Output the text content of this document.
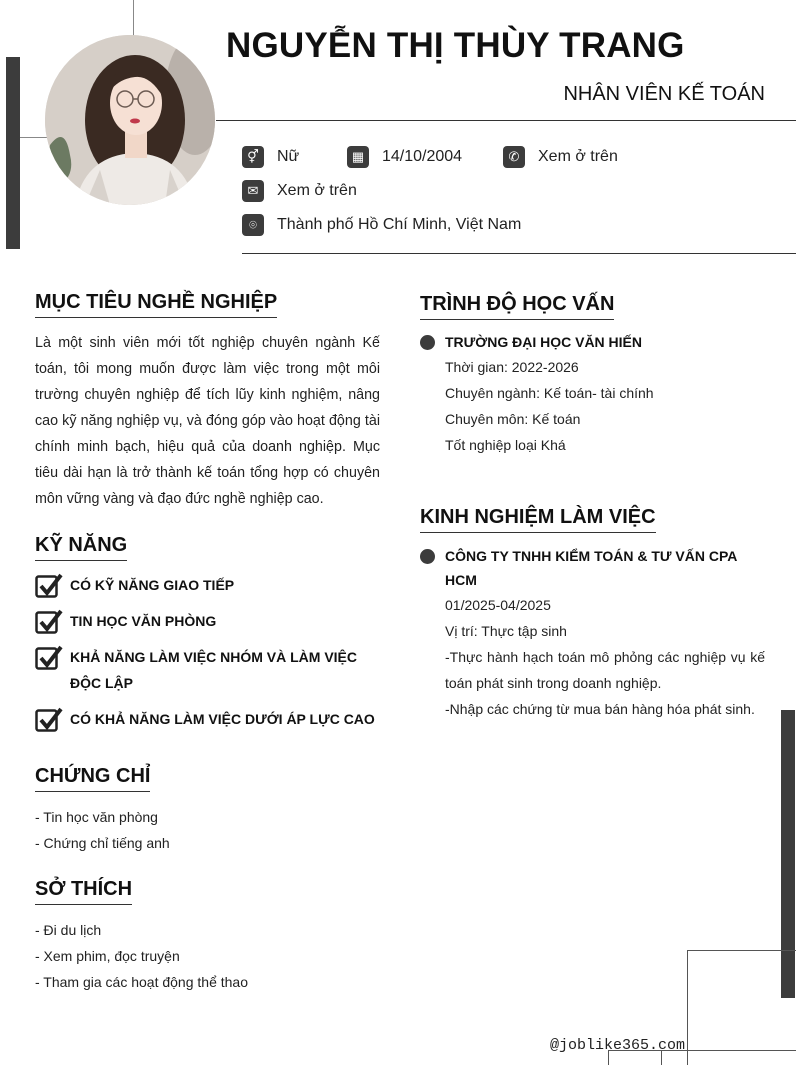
NGUYỄN THỊ THÙY TRANG
NHÂN VIÊN KẾ TOÁN
⚥	Nữ	▦	14/10/2004	✆	Xem ở trên
✉	Xem ở trên
⌾	Thành phố Hồ Chí Minh, Việt Nam
MỤC TIÊU NGHỀ NGHIỆP

Là một sinh viên mới tốt nghiệp chuyên ngành Kế toán, tôi mong muốn được làm việc trong một môi trường chuyên nghiệp để tích lũy kinh nghiệm, nâng cao kỹ năng nghiệp vụ, và đóng góp vào hoạt động tài chính minh bạch, hiệu quả của doanh nghiệp. Mục tiêu dài hạn là trở thành kế toán tổng hợp có chuyên môn vững vàng và đạo đức nghề nghiệp cao.

KỸ NĂNG
CÓ KỸ NĂNG GIAO TIẾP
TIN HỌC VĂN PHÒNG
KHẢ NĂNG LÀM VIỆC NHÓM VÀ LÀM VIỆC ĐỘC LẬP
CÓ KHẢ NĂNG LÀM VIỆC DƯỚI ÁP LỰC CAO
CHỨNG CHỈ
- Tin học văn phòng
- Chứng chỉ tiếng anh
SỞ THÍCH
- Đi du lịch
- Xem phim, đọc truyện
- Tham gia các hoạt động thể thao
TRÌNH ĐỘ HỌC VẤN
TRƯỜNG ĐẠI HỌC VĂN HIẾN
Thời gian: 2022-2026
Chuyên ngành: Kế toán- tài chính
Chuyên môn: Kế toán
Tốt nghiệp loại Khá
KINH NGHIỆM LÀM VIỆC
CÔNG TY TNHH KIỂM TOÁN & TƯ VẤN CPA HCM
01/2025-04/2025
Vị trí: Thực tập sinh
-Thực hành hạch toán mô phỏng các nghiệp vụ kế toán phát sinh trong doanh nghiệp.
-Nhập các chứng từ mua bán hàng hóa phát sinh.
@joblike365.com
